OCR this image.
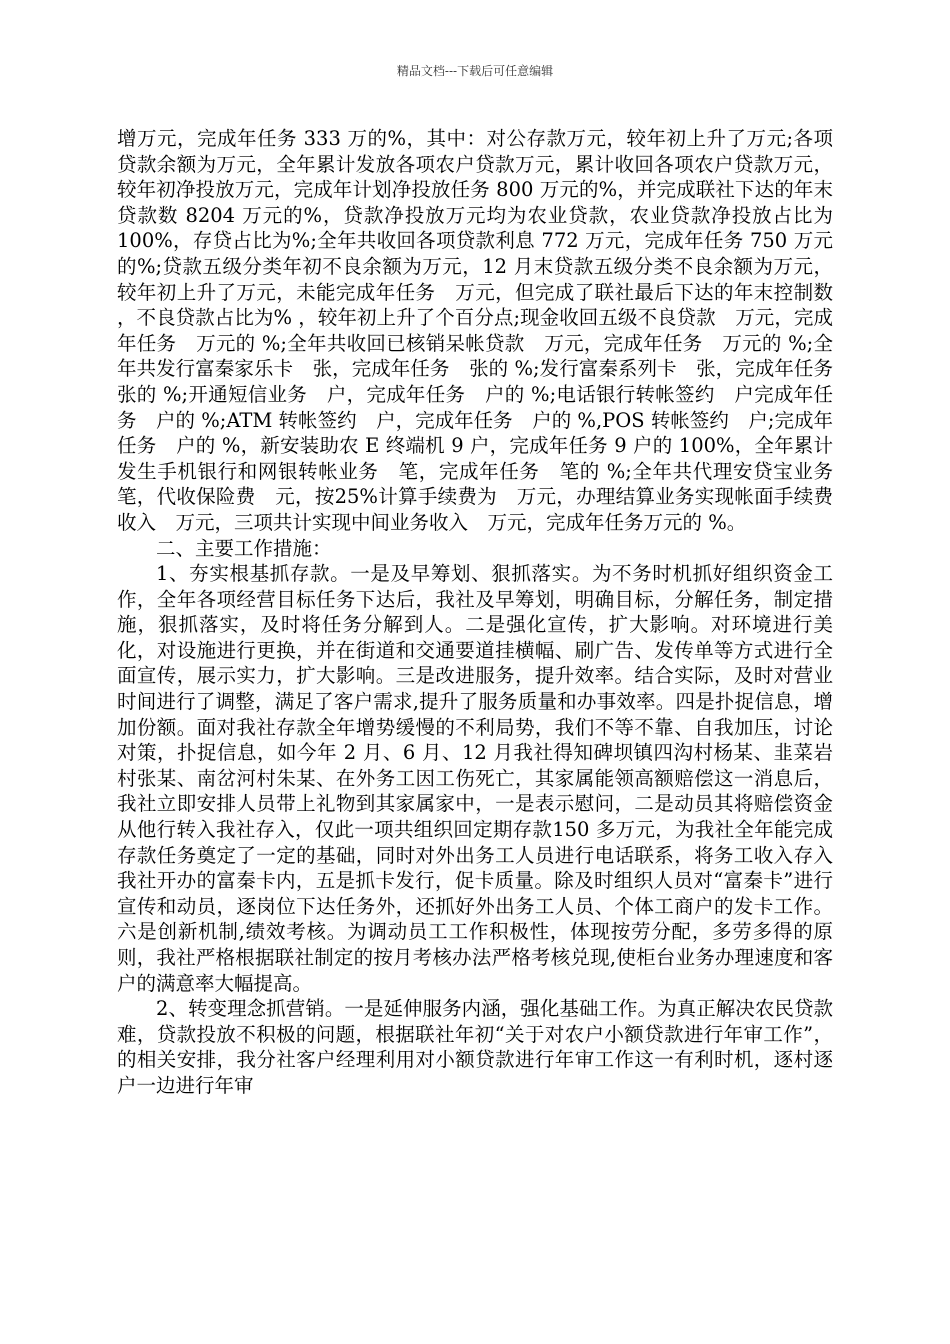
精品文档---下载后可任意编辑

增万元，完成年任务 333 万的%，其中：对公存款万元，较年初上升了万元;各项贷款余额为万元，全年累计发放各项农户贷款万元，累计收回各项农户贷款万元，较年初净投放万元，完成年计划净投放任务 800 万元的%，并完成联社下达的年末贷款数 8204 万元的%，贷款净投放万元均为农业贷款，农业贷款净投放占比为 100%，存贷占比为%;全年共收回各项贷款利息 772 万元，完成年任务 750 万元的%;贷款五级分类年初不良余额为万元，12 月末贷款五级分类不良余额为万元，较年初上升了万元，未能完成年任务　万元，但完成了联社最后下达的年末控制数 ，不良贷款占比为% ，较年初上升了个百分点;现金收回五级不良贷款　万元，完成年任务　万元的 %;全年共收回已核销呆帐贷款　万元，完成年任务　万元的 %;全年共发行富秦家乐卡　张，完成年任务　张的 %;发行富秦系列卡　张，完成年任务　张的 %;开通短信业务　户，完成年任务　户的 %;电话银行转帐签约　户完成年任务　户的 %;ATM 转帐签约　户，完成年任务　户的 %,POS 转帐签约　户;完成年任务　户的 %，新安装助农 E 终端机 9 户，完成年任务 9 户的 100%，全年累计发生手机银行和网银转帐业务　笔，完成年任务　笔的 %;全年共代理安贷宝业务　笔，代收保险费　元，按25%计算手续费为　万元，办理结算业务实现帐面手续费收入　万元，三项共计实现中间业务收入　万元，完成年任务万元的 %。

二、主要工作措施：

1、夯实根基抓存款。一是及早筹划、狠抓落实。为不务时机抓好组织资金工作，全年各项经营目标任务下达后，我社及早筹划，明确目标，分解任务，制定措施，狠抓落实，及时将任务分解到人。二是强化宣传，扩大影响。对环境进行美化，对设施进行更换，并在街道和交通要道挂横幅、刷广告、发传单等方式进行全面宣传，展示实力，扩大影响。三是改进服务，提升效率。结合实际，及时对营业时间进行了调整，满足了客户需求,提升了服务质量和办事效率。四是扑捉信息，增加份额。面对我社存款全年增势缓慢的不利局势，我们不等不靠、自我加压，讨论对策，扑捉信息，如今年 2 月、6 月、12 月我社得知碑坝镇四沟村杨某、韭菜岩村张某、南岔河村朱某、在外务工因工伤死亡，其家属能领高额赔偿这一消息后，我社立即安排人员带上礼物到其家属家中，一是表示慰问，二是动员其将赔偿资金从他行转入我社存入，仅此一项共组织回定期存款150 多万元，为我社全年能完成存款任务奠定了一定的基础，同时对外出务工人员进行电话联系，将务工收入存入我社开办的富秦卡内，五是抓卡发行，促卡质量。除及时组织人员对“富秦卡”进行宣传和动员，逐岗位下达任务外，还抓好外出务工人员、个体工商户的发卡工作。六是创新机制,绩效考核。为调动员工工作积极性，体现按劳分配，多劳多得的原则，我社严格根据联社制定的按月考核办法严格考核兑现,使柜台业务办理速度和客户的满意率大幅提高。

2、转变理念抓营销。一是延伸服务内涵，强化基础工作。为真正解决农民贷款难，贷款投放不积极的问题，根据联社年初“关于对农户小额贷款进行年审工作”，的相关安排，我分社客户经理利用对小额贷款进行年审工作这一有利时机，逐村逐户一边进行年审
